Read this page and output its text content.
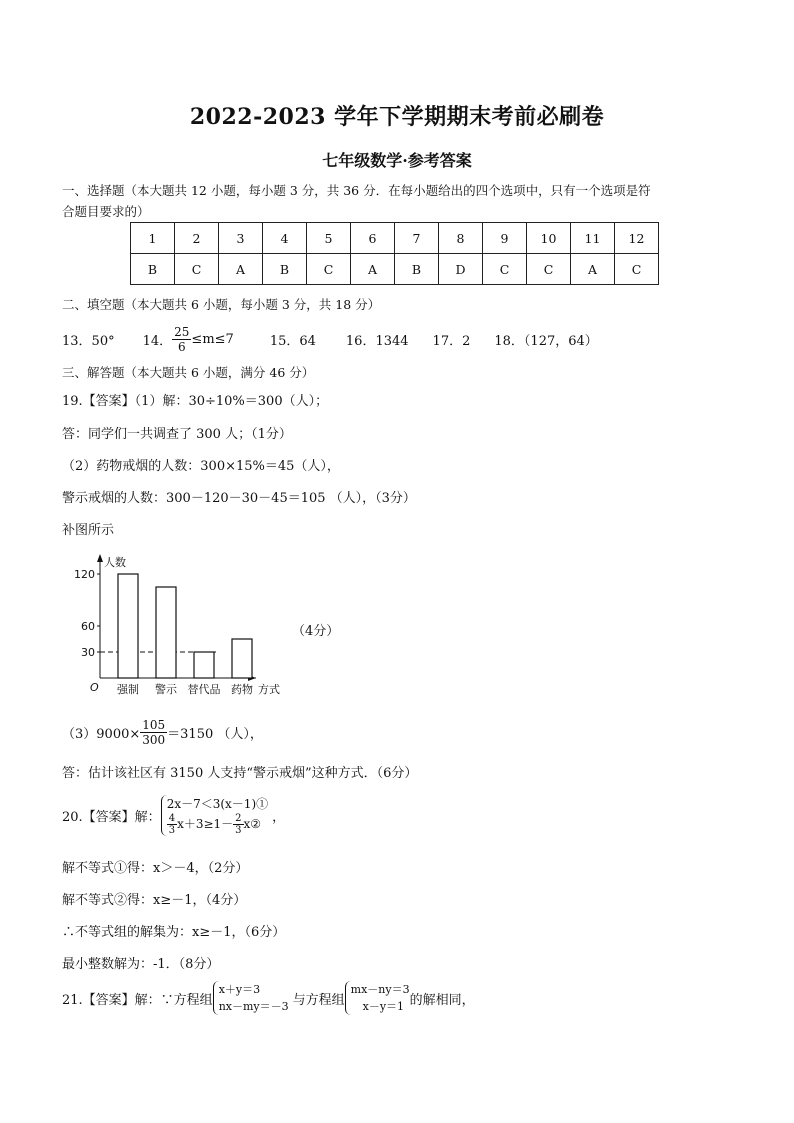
2022-2023 学年下学期期末考前必刷卷
七年级数学·参考答案
一、选择题（本大题共 12 小题，每小题 3 分，共 36 分．在每小题给出的四个选项中，只有一个选项是符
合题目要求的）
1	2	3	4	5	6	7	8	9	10	11	12
B	C	A	B	C	A	B	D	C	C	A	C
二、填空题（本大题共 6 小题，每小题 3 分，共 18 分）
13．50° 14． $\frac{25}{6} \le m\le 7$	15．64 16．1344 17．2 18．（127，64）
三、解答题（本大题共 6 小题，满分 46 分）
19.【答案】（1）解：30÷10%＝300（人）；
答：同学们一共调查了 300 人；（1分）
（2）药物戒烟的人数：300×15%＝45（人），
警示戒烟的人数：300－120－30－45＝105 （人），（3分）
补图所示
人数
方式
O
30
60
120
强制 警示 替代品 药物
（4分）
$(3)9000\times \frac{105}{300} =3150$ （人），
答：估计该社区有 3150 人支持“警示戒烟”这种方式．（6分）
20.【答案】解：
2x－7＜3(x－1)①
$\frac{4}{3} x+3\ge 1- \frac{2}{3}$ x② ，
解不等式①得：x＞－4，（2分）
解不等式②得：x≥－1，（4分）
∴不等式组的解集为：x≥－1，（6分）
最小整数解为：-1．（8分）
21.【答案】解：∵方程组
x＋y＝3
nx－my＝－3 与方程组
mx－ny＝3
x－y＝1 的解相同，
